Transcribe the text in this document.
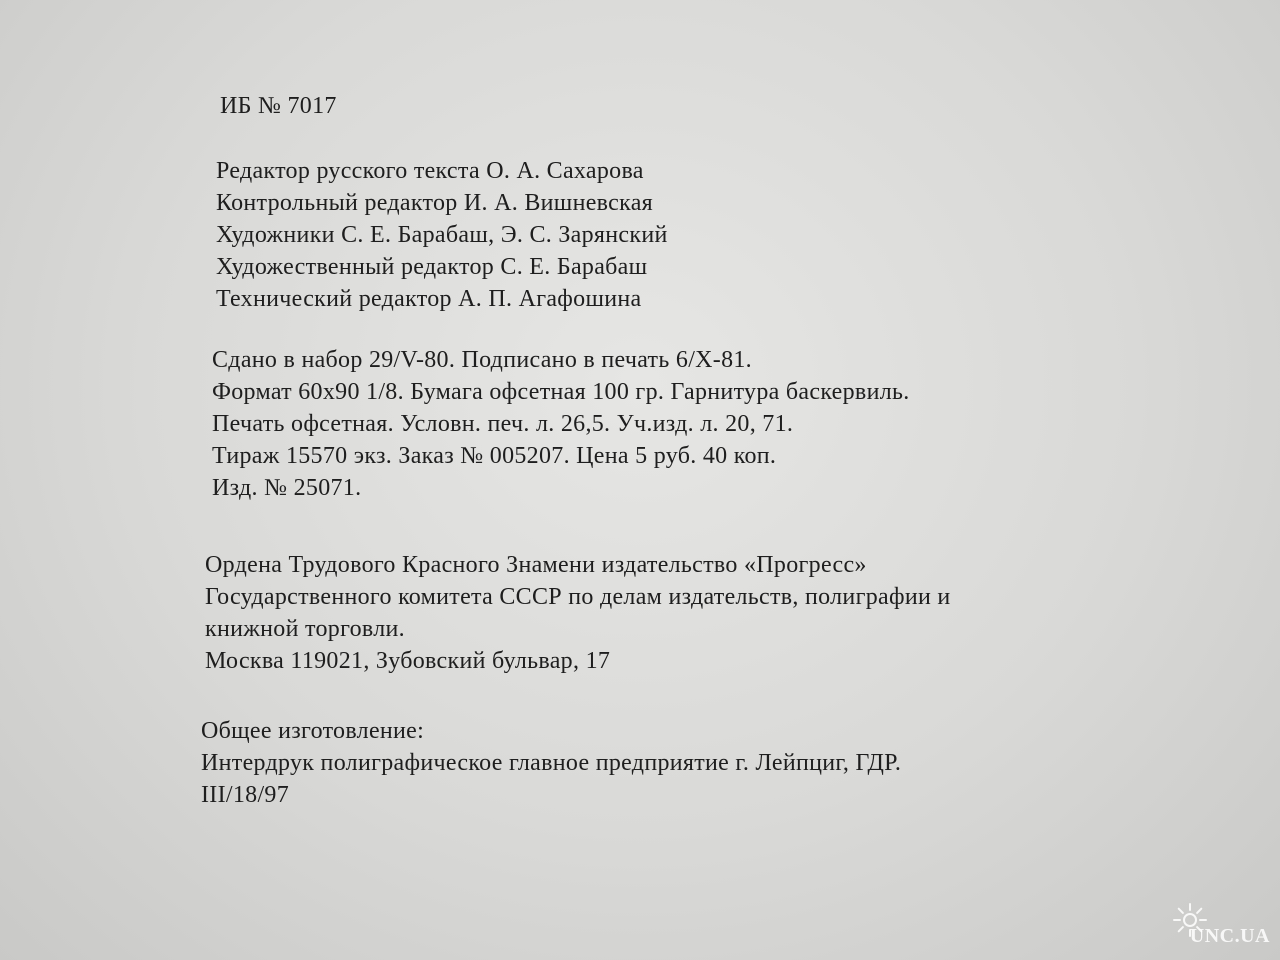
ИБ № 7017
Редактор русского текста О. А. Сахарова
Контрольный редактор И. А. Вишневская
Художники С. Е. Барабаш, Э. С. Зарянский
Художественный редактор С. Е. Барабаш
Технический редактор А. П. Агафошина
Сдано в набор 29/V-80. Подписано в печать 6/X-81.
Формат 60x90 1/8. Бумага офсетная 100 гр. Гарнитура баскервиль.
Печать офсетная. Условн. печ. л. 26,5. Уч.изд. л. 20, 71.
Тираж 15570 экз. Заказ № 005207. Цена 5 руб. 40 коп.
Изд. № 25071.
Ордена Трудового Красного Знамени издательство «Прогресс»
Государственного комитета СССР по делам издательств, полиграфии и
книжной торговли.
Москва 119021, Зубовский бульвар, 17
Общее изготовление:
Интердрук полиграфическое главное предприятие г. Лейпциг, ГДР.
III/18/97
UNC.UA
